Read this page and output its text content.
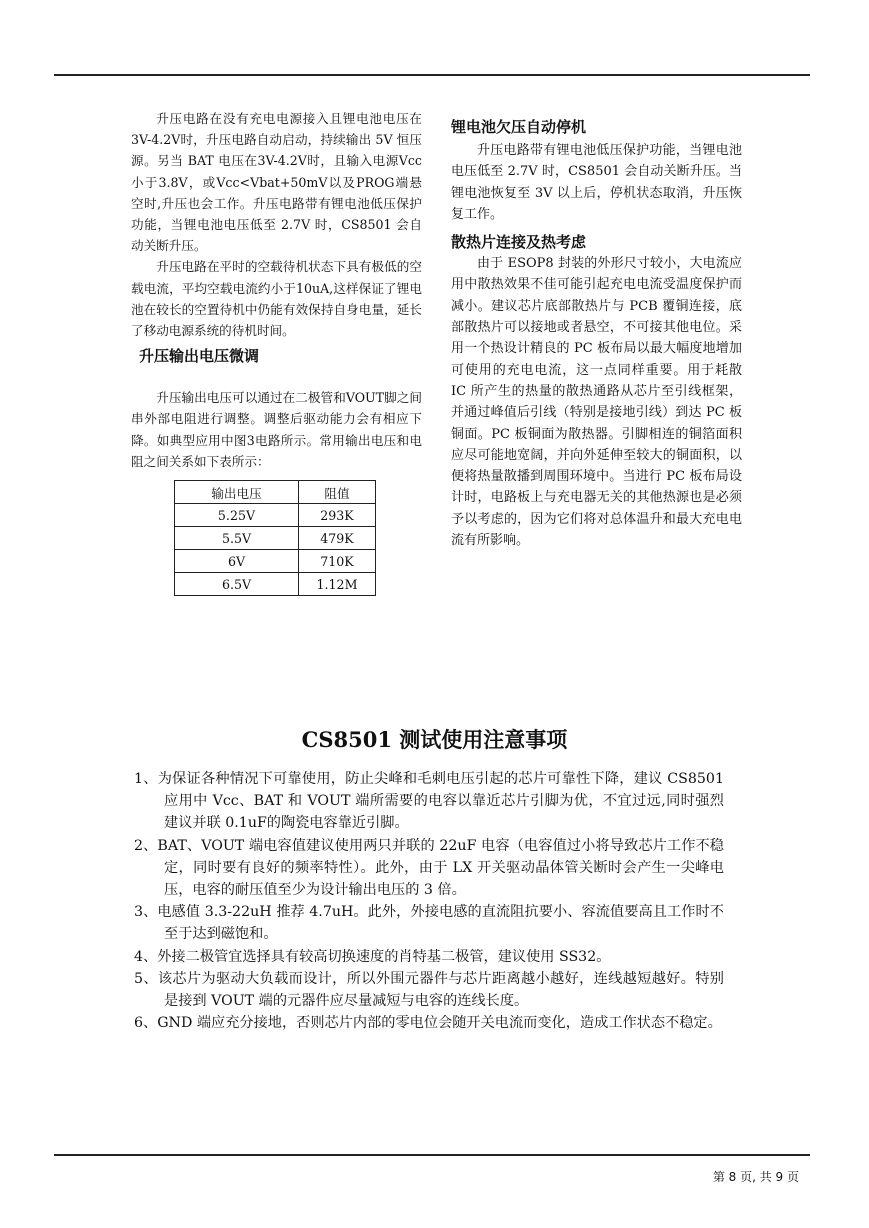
升压电路在没有充电电源接入且锂电池电压在3V-4.2V时，升压电路自动启动，持续输出 5V 恒压源。另当 BAT 电压在3V-4.2V时，且输入电源Vcc小于3.8V，或Vcc<Vbat+50mV以及PROG端悬空时,升压也会工作。升压电路带有锂电池低压保护功能，当锂电池电压低至 2.7V 时，CS8501 会自动关断升压。

升压电路在平时的空载待机状态下具有极低的空载电流，平均空载电流约小于10uA,这样保证了锂电池在较长的空置待机中仍能有效保持自身电量，延长了移动电源系统的待机时间。

升压输出电压微调

升压输出电压可以通过在二极管和VOUT脚之间串外部电阻进行调整。调整后驱动能力会有相应下降。如典型应用中图3电路所示。常用输出电压和电阻之间关系如下表所示：

输出电压	阻值
5.25V	293K
5.5V	479K
6V	710K
6.5V	1.12M
锂电池欠压自动停机

升压电路带有锂电池低压保护功能，当锂电池电压低至 2.7V 时，CS8501 会自动关断升压。当锂电池恢复至 3V 以上后，停机状态取消，升压恢复工作。

散热片连接及热考虑

由于 ESOP8 封装的外形尺寸较小，大电流应用中散热效果不佳可能引起充电电流受温度保护而减小。建议芯片底部散热片与 PCB 覆铜连接，底部散热片可以接地或者悬空，不可接其他电位。采用一个热设计精良的 PC 板布局以最大幅度地增加可使用的充电电流，这一点同样重要。用于耗散 IC 所产生的热量的散热通路从芯片至引线框架，并通过峰值后引线（特别是接地引线）到达 PC 板铜面。PC 板铜面为散热器。引脚相连的铜箔面积应尽可能地宽阔，并向外延伸至较大的铜面积，以便将热量散播到周围环境中。当进行 PC 板布局设计时，电路板上与充电器无关的其他热源也是必须予以考虑的，因为它们将对总体温升和最大充电电流有所影响。

CS8501 测试使用注意事项
1、为保证各种情况下可靠使用，防止尖峰和毛刺电压引起的芯片可靠性下降，建议 CS8501 应用中 Vcc、BAT 和 VOUT 端所需要的电容以靠近芯片引脚为优，不宜过远,同时强烈建议并联 0.1uF的陶瓷电容靠近引脚。
2、BAT、VOUT 端电容值建议使用两只并联的 22uF 电容（电容值过小将导致芯片工作不稳定，同时要有良好的频率特性）。此外，由于 LX 开关驱动晶体管关断时会产生一尖峰电压，电容的耐压值至少为设计输出电压的 3 倍。
3、电感值 3.3-22uH 推荐 4.7uH。此外，外接电感的直流阻抗要小、容流值要高且工作时不至于达到磁饱和。
4、外接二极管宜选择具有较高切换速度的肖特基二极管，建议使用 SS32。
5、该芯片为驱动大负载而设计，所以外围元器件与芯片距离越小越好，连线越短越好。特别是接到 VOUT 端的元器件应尽量减短与电容的连线长度。
6、GND 端应充分接地，否则芯片内部的零电位会随开关电流而变化，造成工作状态不稳定。
第 8 页, 共 9 页
